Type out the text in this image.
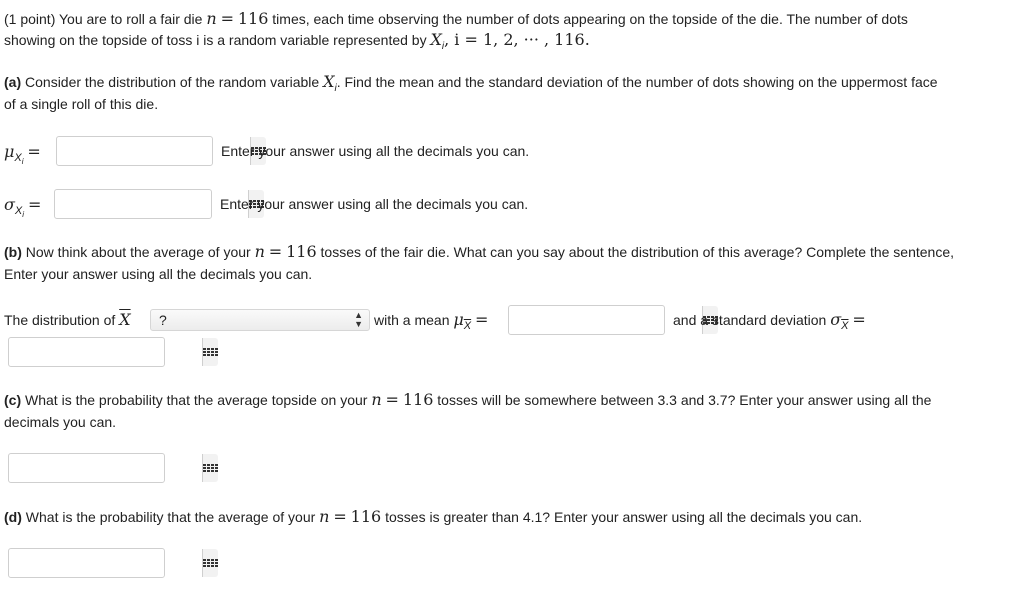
(1 point) You are to roll a fair die n = 116 times, each time observing the number of dots appearing on the topside of the die. The number of dots
showing on the topside of toss i is a random variable represented by $X_i$, i = 1, 2, ··· , 116.
(a) Consider the distribution of the random variable $X_i$. Find the mean and the standard deviation of the number of dots showing on the uppermost face
of a single roll of this die.
$\mu_{Xi}$ =	Enter your answer using all the decimals you can.
$\sigma_{Xi}$ =	Enter your answer using all the decimals you can.
(b) Now think about the average of your n = 116 tosses of the fair die. What can you say about the distribution of this average? Complete the sentence,
Enter your answer using all the decimals you can.
The distribution of $\overline{X}$	?	▲
▼ with a mean $\mu_{\overline{X}}$ =	and a standard deviation $\sigma_{\overline{X}}$ =
(c) What is the probability that the average topside on your n = 116 tosses will be somewhere between 3.3 and 3.7? Enter your answer using all the
decimals you can.
(d) What is the probability that the average of your n = 116 tosses is greater than 4.1? Enter your answer using all the decimals you can.
